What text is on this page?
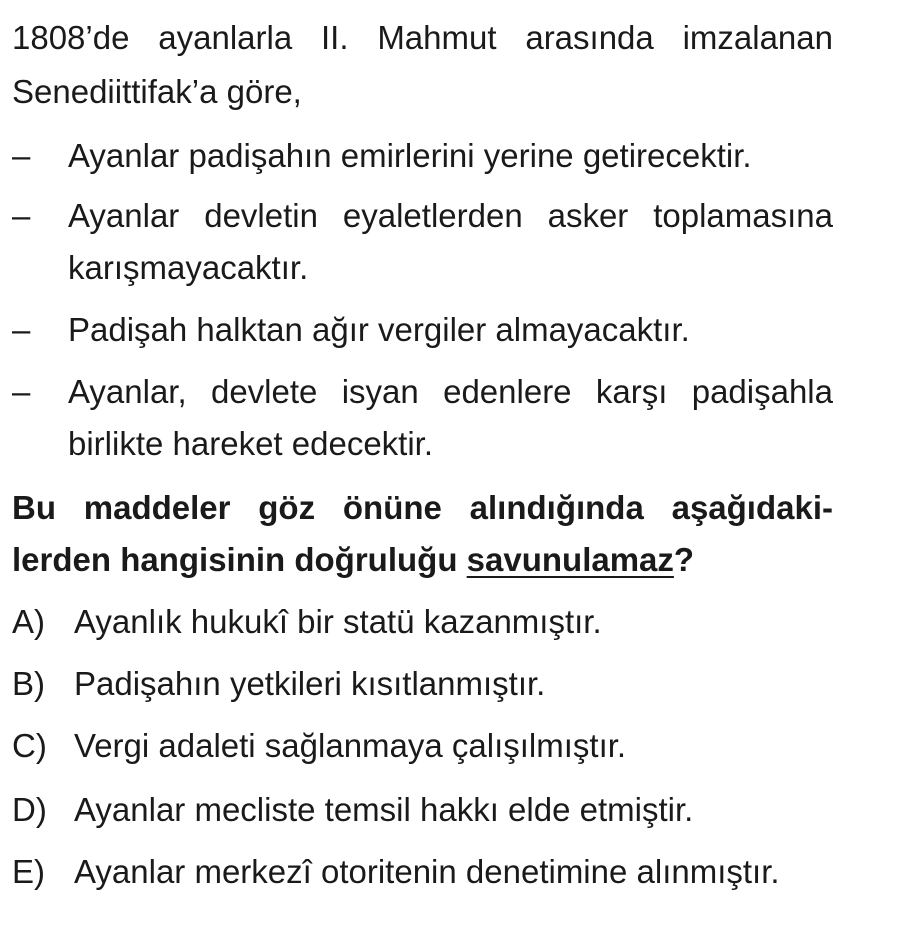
1808’de ayanlarla II. Mahmut arasında imzalanan
Senediittifak’a göre,
–	Ayanlar padişahın emirlerini yerine getirecektir.
–	Ayanlar devletin eyaletlerden asker toplamasına
karışmayacaktır.
–	Padişah halktan ağır vergiler almayacaktır.
–	Ayanlar, devlete isyan edenlere karşı padişahla
birlikte hareket edecektir.
Bu maddeler göz önüne alındığında aşağıdaki-
lerden hangisinin doğruluğu savunulamaz?
A) Ayanlık hukukî bir statü kazanmıştır.
B) Padişahın yetkileri kısıtlanmıştır.
C) Vergi adaleti sağlanmaya çalışılmıştır.
D) Ayanlar mecliste temsil hakkı elde etmiştir.
E) Ayanlar merkezî otoritenin denetimine alınmıştır.
